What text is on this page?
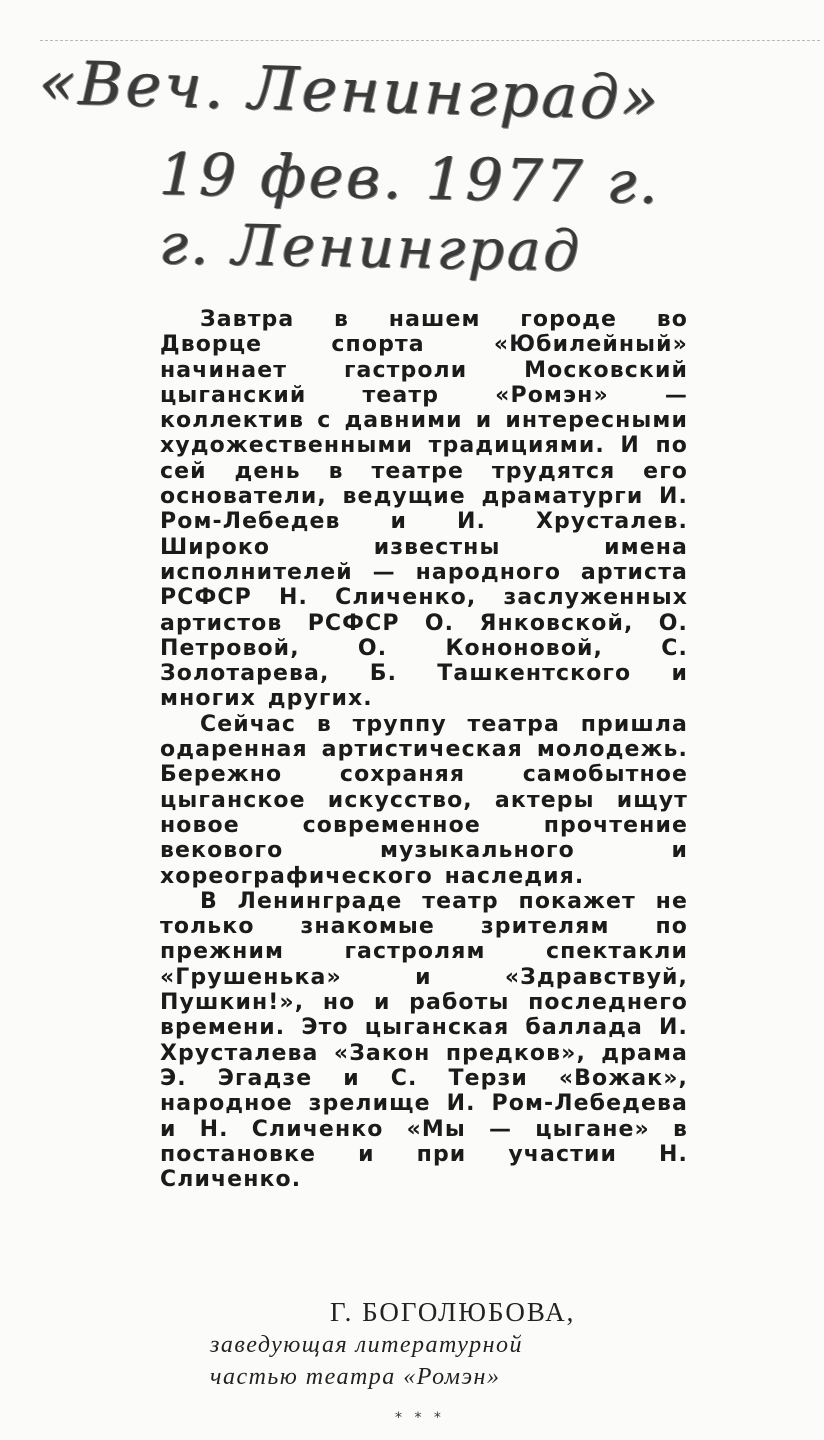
«Веч. Ленинград»
19 фев. 1977 г.
г. Ленинград

Завтра в нашем городе во Дворце спорта «Юбилейный» начинает гастроли Московский цыганский театр «Ромэн» — коллектив с давними и интересными художественными традициями. И по сей день в театре трудятся его основатели, ведущие драматурги И. Ром-Лебедев и И. Хрусталев. Широко известны имена исполнителей — народного артиста РСФСР Н. Сличенко, заслуженных артистов РСФСР О. Янковской, О. Петровой, О. Кононовой, С. Золотарева, Б. Ташкентского и многих других.

Сейчас в труппу театра пришла одаренная артистическая молодежь. Бережно сохраняя самобытное цыганское искусство, актеры ищут новое современное прочтение векового музыкального и хореографического наследия.

В Ленинграде театр покажет не только знакомые зрителям по прежним гастролям спектакли «Грушенька» и «Здравствуй, Пушкин!», но и работы последнего времени. Это цыганская баллада И. Хрусталева «Закон предков», драма Э. Эгадзе и С. Терзи «Вожак», народное зрелище И. Ром-Лебедева и Н. Сличенко «Мы — цыгане» в постановке и при участии Н. Сличенко.

Г. БОГОЛЮБОВА,
заведующая литературной
частью театра «Ромэн»
* * *
